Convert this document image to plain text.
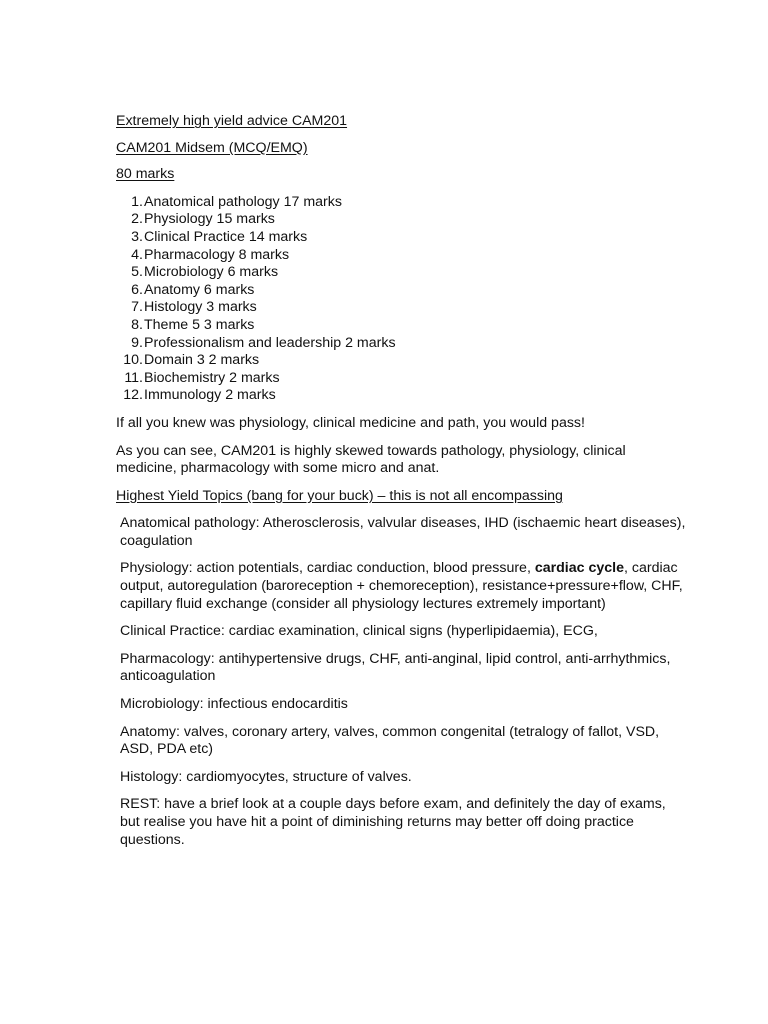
Extremely high yield advice CAM201

CAM201 Midsem (MCQ/EMQ)

80 marks

1. Anatomical pathology 17 marks
2. Physiology 15 marks
3. Clinical Practice 14 marks
4. Pharmacology 8 marks
5. Microbiology 6 marks
6. Anatomy 6 marks
7. Histology 3 marks
8. Theme 5 3 marks
9. Professionalism and leadership 2 marks
10. Domain 3 2 marks
11. Biochemistry 2 marks
12. Immunology 2 marks

If all you knew was physiology, clinical medicine and path, you would pass!

As you can see, CAM201 is highly skewed towards pathology, physiology, clinical medicine, pharmacology with some micro and anat.

Highest Yield Topics (bang for your buck) – this is not all encompassing

Anatomical pathology: Atherosclerosis, valvular diseases, IHD (ischaemic heart diseases), coagulation

Physiology: action potentials, cardiac conduction, blood pressure, cardiac cycle, cardiac output, autoregulation (baroreception + chemoreception), resistance+pressure+flow, CHF, capillary fluid exchange (consider all physiology lectures extremely important)

Clinical Practice: cardiac examination, clinical signs (hyperlipidaemia), ECG,

Pharmacology: antihypertensive drugs, CHF, anti-anginal, lipid control, anti-arrhythmics, anticoagulation

Microbiology: infectious endocarditis

Anatomy: valves, coronary artery, valves, common congenital (tetralogy of fallot, VSD, ASD, PDA etc)

Histology: cardiomyocytes, structure of valves.

REST: have a brief look at a couple days before exam, and definitely the day of exams, but realise you have hit a point of diminishing returns may better off doing practice questions.
